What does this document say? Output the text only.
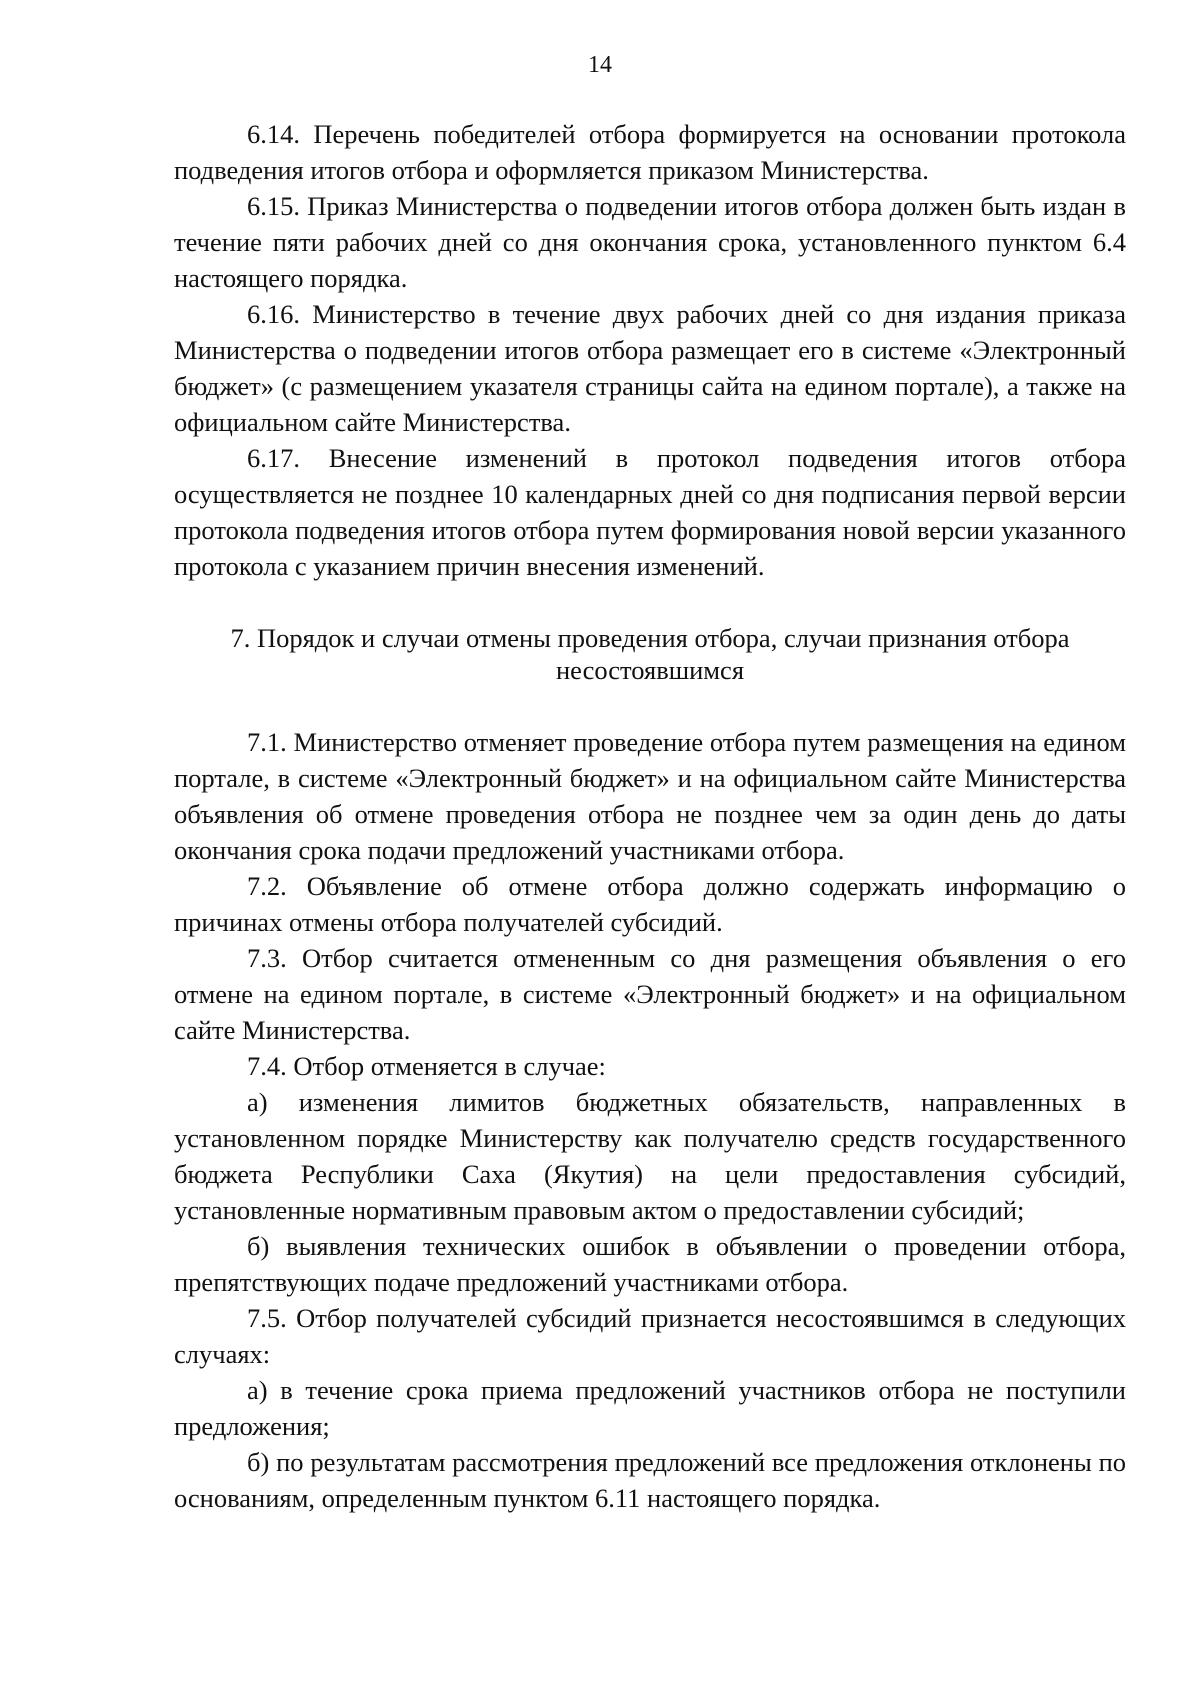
14

6.14. Перечень победителей отбора формируется на основании протокола подведения итогов отбора и оформляется приказом Министерства.

6.15. Приказ Министерства о подведении итогов отбора должен быть издан в течение пяти рабочих дней со дня окончания срока, установленного пунктом 6.4 настоящего порядка.

6.16. Министерство в течение двух рабочих дней со дня издания приказа Министерства о подведении итогов отбора размещает его в системе «Электронный бюджет» (с размещением указателя страницы сайта на едином портале), а также на официальном сайте Министерства.

6.17. Внесение изменений в протокол подведения итогов отбора осуществляется не позднее 10 календарных дней со дня подписания первой версии протокола подведения итогов отбора путем формирования новой версии указанного протокола с указанием причин внесения изменений.

7. Порядок и случаи отмены проведения отбора, случаи признания отбора несостоявшимся

7.1. Министерство отменяет проведение отбора путем размещения на едином портале, в системе «Электронный бюджет» и на официальном сайте Министерства объявления об отмене проведения отбора не позднее чем за один день до даты окончания срока подачи предложений участниками отбора.

7.2. Объявление об отмене отбора должно содержать информацию о причинах отмены отбора получателей субсидий.

7.3. Отбор считается отмененным со дня размещения объявления о его отмене на едином портале, в системе «Электронный бюджет» и на официальном сайте Министерства.

7.4. Отбор отменяется в случае:

а) изменения лимитов бюджетных обязательств, направленных в установленном порядке Министерству как получателю средств государственного бюджета Республики Саха (Якутия) на цели предоставления субсидий, установленные нормативным правовым актом о предоставлении субсидий;

б) выявления технических ошибок в объявлении о проведении отбора, препятствующих подаче предложений участниками отбора.

7.5. Отбор получателей субсидий признается несостоявшимся в следующих случаях:

а) в течение срока приема предложений участников отбора не поступили предложения;

б) по результатам рассмотрения предложений все предложения отклонены по основаниям, определенным пунктом 6.11 настоящего порядка.
